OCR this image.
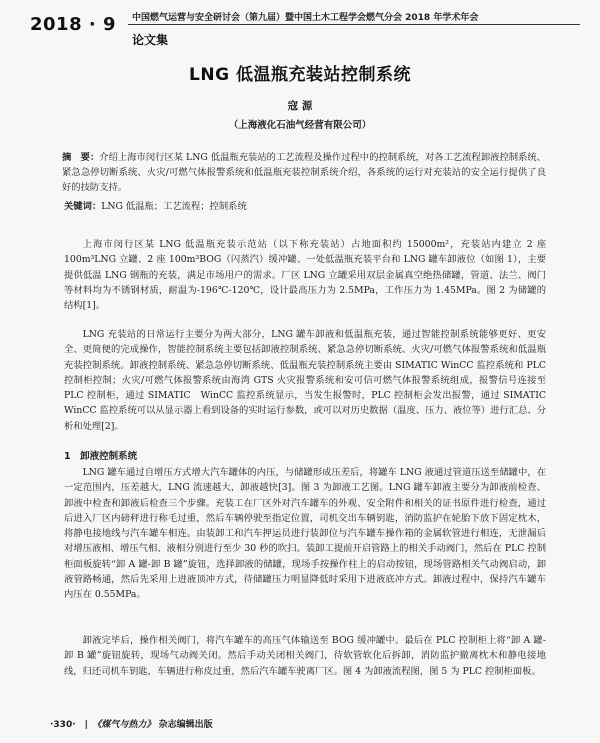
2018 · 9 中国燃气运营与安全研讨会（第九届）暨中国土木工程学会燃气分会 2018 年学术年会
论文集
LNG 低温瓶充装站控制系统
寇 源
（上海液化石油气经营有限公司）
摘　要：介绍上海市闵行区某 LNG 低温瓶充装站的工艺流程及操作过程中的控制系统，对各工艺流程卸液控制系统、紧急急停切断系统、火灾/可燃气体报警系统和低温瓶充装控制系统介绍，各系统的运行对充装站的安全运行提供了良好的技防支持。
关键词：LNG 低温瓶；工艺流程；控制系统
上海市闵行区某 LNG 低温瓶充装示范站（以下称充装站）占地面积约 15000m²，充装站内建立 2 座 100m³LNG 立罐、2 座 100m³BOG（闪蒸汽）缓冲罐、一处低温瓶充装平台和 LNG 罐车卸液位（如图 1），主要提供低温 LNG 钢瓶的充装，满足市场用户的需求。厂区 LNG 立罐采用双层金属真空绝热储罐，管道、法兰、阀门等材料均为不锈钢材质，耐温为-196℃-120℃，设计最高压力为 2.5MPa，工作压力为 1.45MPa。图 2 为储罐的结构[1]。
LNG 充装站的日常运行主要分为两大部分，LNG 罐车卸液和低温瓶充装，通过智能控制系统能够更好、更安全、更简便的完成操作，智能控制系统主要包括卸液控制系统、紧急急停切断系统、火灾/可燃气体报警系统和低温瓶充装控制系统。卸液控制系统、紧急急停切断系统、低温瓶充装控制系统主要由 SIMATIC WinCC 监控系统和 PLC 控制柜控制；火灾/可燃气体报警系统由海湾 GTS 火灾报警系统和安可信可燃气体报警系统组成，报警信号连接至 PLC 控制柜，通过 SIMATIC　WinCC 监控系统显示，当发生报警时，PLC 控制柜会发出报警，通过 SIMATIC　WinCC 监控系统可以从显示器上看到设备的实时运行参数，或可以对历史数据（温度、压力、液位等）进行汇总、分析和处理[2]。
1　卸液控制系统
LNG 罐车通过自增压方式增大汽车罐体的内压，与储罐形成压差后，将罐车 LNG 液通过管道压送至储罐中，在一定范围内，压差越大，LNG 流速越大，卸液越快[3]。图 3 为卸液工艺图。LNG 罐车卸液主要分为卸液前检查、卸液中检查和卸液后检查三个步骤。充装工在厂区外对汽车罐车的外观、安全附件和相关的证书原件进行检查，通过后进入厂区内磅秤进行称毛过重，然后车辆停驶至指定位置，司机交出车辆钥匙，消防监护在轮胎下放下固定枕木，将静电接地线与汽车罐车相连。由装卸工和汽车押运员进行装卸位与汽车罐车操作箱的金属软管进行相连，无泄漏后对增压液相、增压气相、液相分别进行至少 30 秒的吹扫。装卸工提前开启管路上的相关手动阀门，然后在 PLC 控制柜面板旋转“卸 A 罐-卸 B 罐”旋钮，选择卸液的储罐，现场手按操作柱上的启动按钮，现场管路相关气动阀启动，卸液管路畅通，然后先采用上进液顶冲方式，待储罐压力明显降低时采用下进液底冲方式。卸液过程中，保持汽车罐车内压在 0.55MPa。
卸液完毕后，操作相关阀门，将汽车罐车的高压气体输送至 BOG 缓冲罐中。最后在 PLC 控制柜上将“卸 A 罐-卸 B 罐”旋钮旋转，现场气动阀关闭。然后手动关闭相关阀门，待软管软化后拆卸，消防监护撤离枕木和静电接地线，归还司机车钥匙，车辆进行称皮过重，然后汽车罐车驶离厂区。图 4 为卸液流程图，图 5 为 PLC 控制柜面板。
·330·　|　《煤气与热力》 杂志编辑出版
